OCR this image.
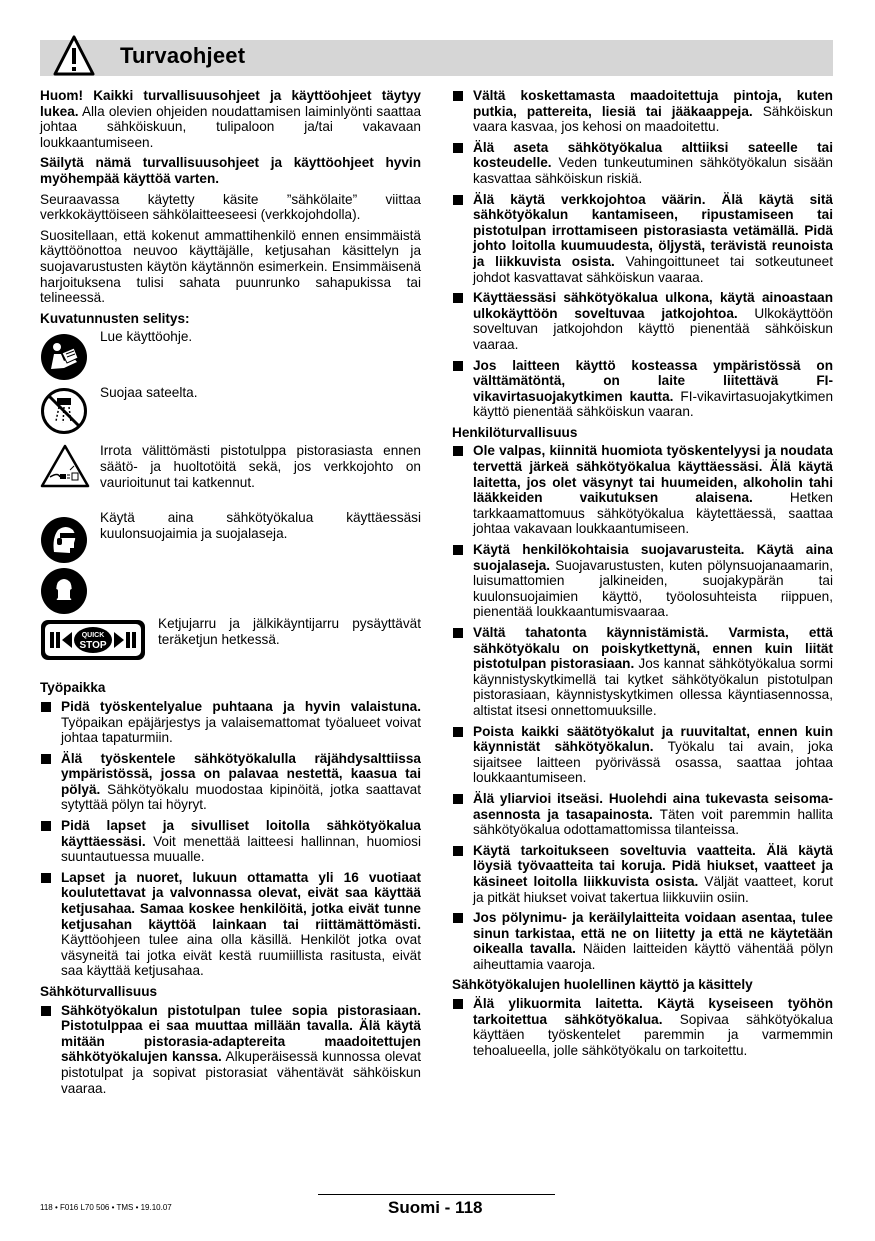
Turvaohjeet

Huom! Kaikki turvallisuusohjeet ja käyttöohjeet täytyy lukea. Alla olevien ohjeiden noudattamisen laiminlyönti saattaa johtaa sähköiskuun, tulipaloon ja/tai vakavaan loukkaantumiseen.

Säilytä nämä turvallisuusohjeet ja käyttöohjeet hyvin myöhempää käyttöä varten.

Seuraavassa käytetty käsite ”sähkölaite” viittaa verkkokäyttöiseen sähkölaitteeseesi (verkkojohdolla).

Suositellaan, että kokenut ammattihenkilö ennen ensimmäistä käyttöönottoa neuvoo käyttäjälle, ketjusahan käsittelyn ja suojavarustusten käytön käytännön esimerkein. Ensimmäisenä harjoituksena tulisi sahata puunrunko sahapukissa tai telineessä.

Kuvatunnusten selitys:
Lue käyttöohje.
Suojaa sateelta.
Irrota välittömästi pistotulppa pistorasiasta ennen säätö- ja huoltotöitä sekä, jos verkkojohto on vaurioitunut tai katkennut.
Käytä aina sähkötyökalua käyttäessäsi kuulonsuojaimia ja suojalaseja.
QUICK
STOP
Ketjujarru ja jälkikäyntijarru pysäyttävät teräketjun hetkessä.
Työpaikka
Pidä työskentelyalue puhtaana ja hyvin valaistuna. Työpaikan epäjärjestys ja valaisemattomat työalueet voivat johtaa tapaturmiin.
Älä työskentele sähkötyökalulla räjähdysalttiissa ympäristössä, jossa on palavaa nestettä, kaasua tai pölyä. Sähkötyökalu muodostaa kipinöitä, jotka saattavat sytyttää pölyn tai höyryt.
Pidä lapset ja sivulliset loitolla sähkötyökalua käyttäessäsi. Voit menettää laitteesi hallinnan, huomiosi suuntautuessa muualle.
Lapset ja nuoret, lukuun ottamatta yli 16 vuotiaat koulutettavat ja valvonnassa olevat, eivät saa käyttää ketjusahaa. Samaa koskee henkilöitä, jotka eivät tunne ketjusahan käyttöä lainkaan tai riittämättömästi. Käyttöohjeen tulee aina olla käsillä. Henkilöt jotka ovat väsyneitä tai jotka eivät kestä ruumiillista rasitusta, eivät saa käyttää ketjusahaa.
Sähköturvallisuus
Sähkötyökalun pistotulpan tulee sopia pistorasiaan. Pistotulppaa ei saa muuttaa millään tavalla. Älä käytä mitään pistorasia-adaptereita maadoitettujen sähkötyökalujen kanssa. Alkuperäisessä kunnossa olevat pistotulpat ja sopivat pistorasiat vähentävät sähköiskun vaaraa.
Vältä koskettamasta maadoitettuja pintoja, kuten putkia, pattereita, liesiä tai jääkaappeja. Sähköiskun vaara kasvaa, jos kehosi on maadoitettu.
Älä aseta sähkötyökalua alttiiksi sateelle tai kosteudelle. Veden tunkeutuminen sähkötyökalun sisään kasvattaa sähköiskun riskiä.
Älä käytä verkkojohtoa väärin. Älä käytä sitä sähkötyökalun kantamiseen, ripustamiseen tai pistotulpan irrottamiseen pistorasiasta vetämällä. Pidä johto loitolla kuumuudesta, öljystä, terävistä reunoista ja liikkuvista osista. Vahingoittuneet tai sotkeutuneet johdot kasvattavat sähköiskun vaaraa.
Käyttäessäsi sähkötyökalua ulkona, käytä ainoastaan ulkokäyttöön soveltuvaa jatkojohtoa. Ulkokäyttöön soveltuvan jatkojohdon käyttö pienentää sähköiskun vaaraa.
Jos laitteen käyttö kosteassa ympäristössä on välttämätöntä, on laite liitettävä FI-vikavirtasuojakytkimen kautta. FI-vikavirtasuojakytkimen käyttö pienentää sähköiskun vaaran.
Henkilöturvallisuus
Ole valpas, kiinnitä huomiota työskentelyysi ja noudata tervettä järkeä sähkötyökalua käyttäessäsi. Älä käytä laitetta, jos olet väsynyt tai huumeiden, alkoholin tahi lääkkeiden vaikutuksen alaisena. Hetken tarkkaamattomuus sähkötyökalua käytettäessä, saattaa johtaa vakavaan loukkaantumiseen.
Käytä henkilökohtaisia suojavarusteita. Käytä aina suojalaseja. Suojavarustusten, kuten pölynsuojanaamarin, luisumattomien jalkineiden, suojakypärän tai kuulonsuojaimien käyttö, työolosuhteista riippuen, pienentää loukkaantumisvaaraa.
Vältä tahatonta käynnistämistä. Varmista, että sähkötyökalu on poiskytkettynä, ennen kuin liität pistotulpan pistorasiaan. Jos kannat sähkötyökalua sormi käynnistyskytkimellä tai kytket sähkötyökalun pistotulpan pistorasiaan, käynnistyskytkimen ollessa käyntiasennossa, altistat itsesi onnettomuuksille.
Poista kaikki säätötyökalut ja ruuvitaltat, ennen kuin käynnistät sähkötyökalun. Työkalu tai avain, joka sijaitsee laitteen pyörivässä osassa, saattaa johtaa loukkaantumiseen.
Älä yliarvioi itseäsi. Huolehdi aina tukevasta seisoma-asennosta ja tasapainosta. Täten voit paremmin hallita sähkötyökalua odottamattomissa tilanteissa.
Käytä tarkoitukseen soveltuvia vaatteita. Älä käytä löysiä työvaatteita tai koruja. Pidä hiukset, vaatteet ja käsineet loitolla liikkuvista osista. Väljät vaatteet, korut ja pitkät hiukset voivat takertua liikkuviin osiin.
Jos pölynimu- ja keräilylaitteita voidaan asentaa, tulee sinun tarkistaa, että ne on liitetty ja että ne käytetään oikealla tavalla. Näiden laitteiden käyttö vähentää pölyn aiheuttamia vaaroja.
Sähkötyökalujen huolellinen käyttö ja käsittely
Älä ylikuormita laitetta. Käytä kyseiseen työhön tarkoitettua sähkötyökalua. Sopivaa sähkötyökalua käyttäen työskentelet paremmin ja varmemmin tehoalueella, jolle sähkötyökalu on tarkoitettu.
118 • F016 L70 506 • TMS • 19.10.07	Suomi - 118
